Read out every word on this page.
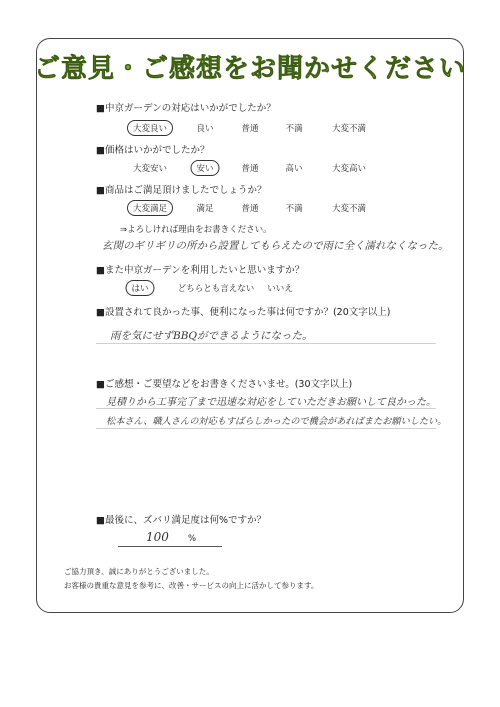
ご意見・ご感想をお聞かせください
■中京ガーデンの対応はいかがでしたか？
大変良い	良い	普通	不満	大変不満
■価格はいかがでしたか？
大変安い	安い	普通	高い	大変高い
■商品はご満足頂けましたでしょうか？
大変満足	満足	普通	不満	大変不満
⇒よろしければ理由をお書きください。
玄関のギリギリの所から設置してもらえたので雨に全く濡れなくなった。
■また中京ガーデンを利用したいと思いますか？
はい	どちらとも言えない いいえ
■設置されて良かった事、便利になった事は何ですか？(20文字以上)
雨を気にせずBBQができるようになった。
■ご感想・ご要望などをお書きくださいませ。(30文字以上)
見積りから工事完了まで迅速な対応をしていただきお願いして良かった。
松本さん、職人さんの対応もすばらしかったので機会があればまたお願いしたい。
■最後に、ズバリ満足度は何%ですか？
100 %
ご協力頂き、誠にありがとうございました。
お客様の貴重な意見を参考に、改善・サービスの向上に活かして参ります。
